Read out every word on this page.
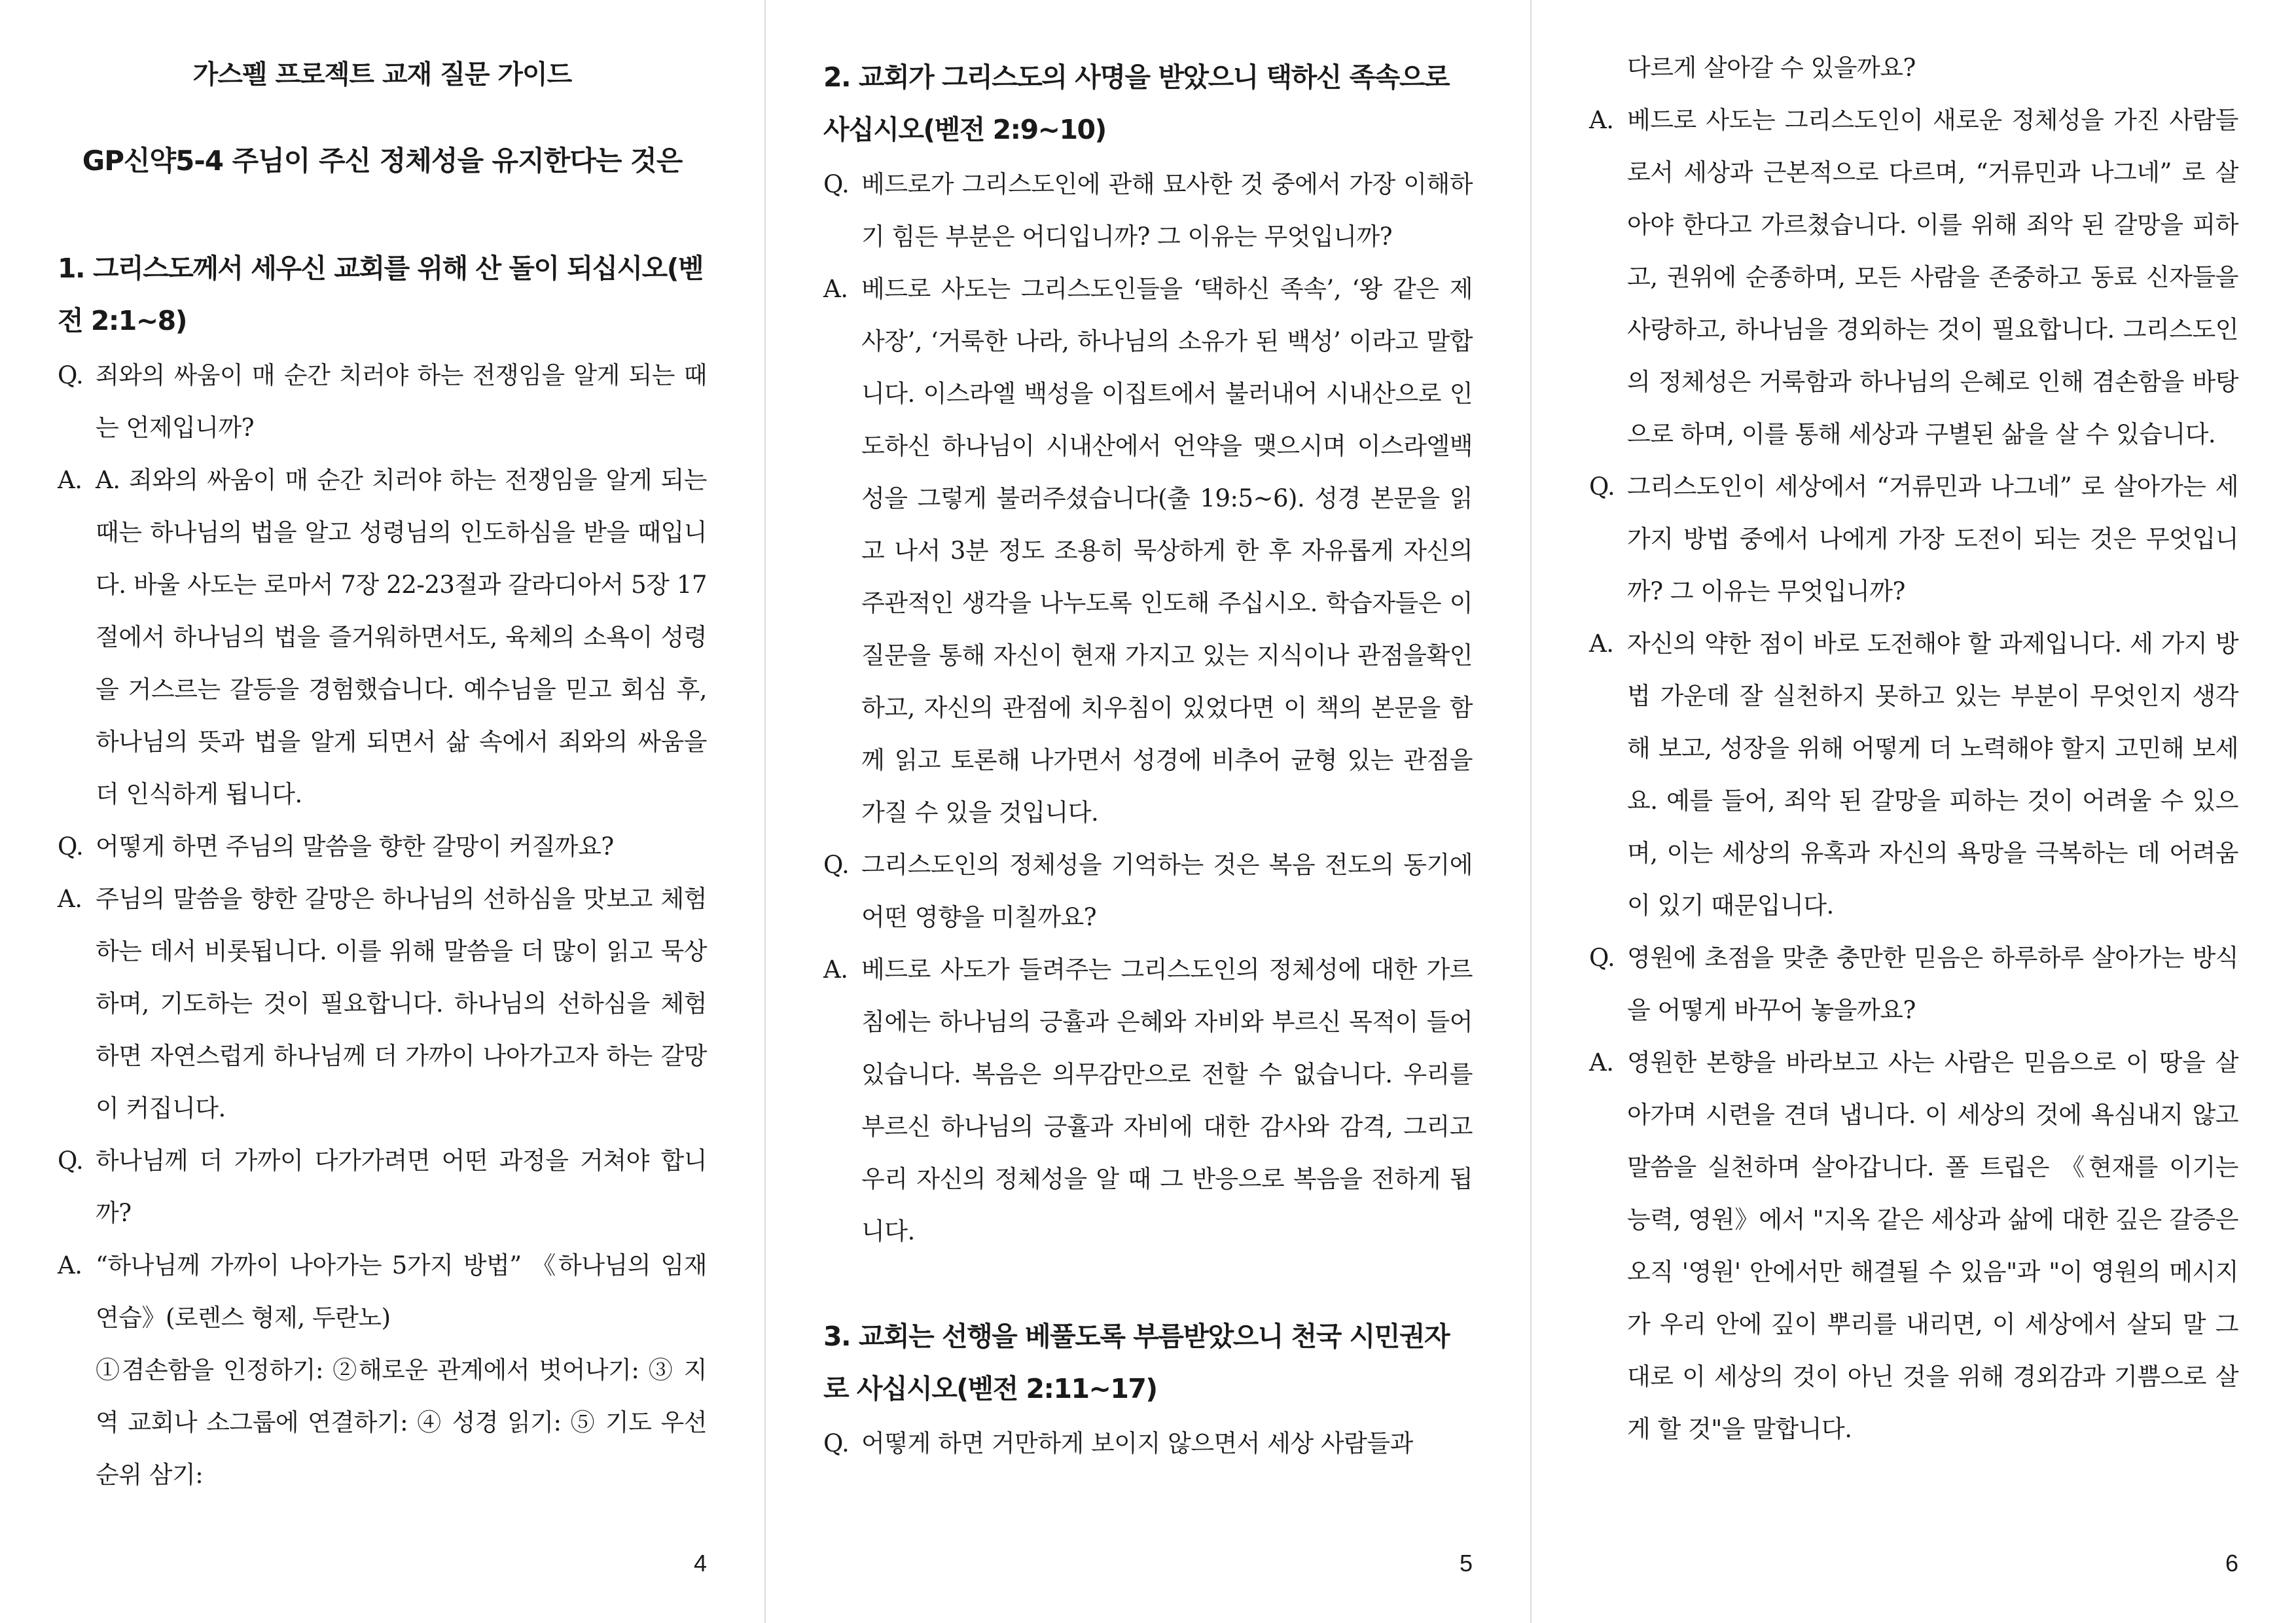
가스펠 프로젝트 교재 질문 가이드
GP신약5-4 주님이 주신 정체성을 유지한다는 것은
1. 그리스도께서 세우신 교회를 위해 산 돌이 되십시오(벧전 2:1~8)
Q. 죄와의 싸움이 매 순간 치러야 하는 전쟁임을 알게 되는 때는 언제입니까?
A. A. 죄와의 싸움이 매 순간 치러야 하는 전쟁임을 알게 되는 때는 하나님의 법을 알고 성령님의 인도하심을 받을 때입니다. 바울 사도는 로마서 7장 22-23절과 갈라디아서 5장 17절에서 하나님의 법을 즐거워하면서도, 육체의 소욕이 성령을 거스르는 갈등을 경험했습니다. 예수님을 믿고 회심 후, 하나님의 뜻과 법을 알게 되면서 삶 속에서 죄와의 싸움을 더 인식하게 됩니다.
Q. 어떻게 하면 주님의 말씀을 향한 갈망이 커질까요?
A. 주님의 말씀을 향한 갈망은 하나님의 선하심을 맛보고 체험하는 데서 비롯됩니다. 이를 위해 말씀을 더 많이 읽고 묵상하며, 기도하는 것이 필요합니다. 하나님의 선하심을 체험하면 자연스럽게 하나님께 더 가까이 나아가고자 하는 갈망이 커집니다.
Q. 하나님께 더 가까이 다가가려면 어떤 과정을 거쳐야 합니까?
A. “하나님께 가까이 나아가는 5가지 방법” 《하나님의 임재 연습》(로렌스 형제, 두란노)
①겸손함을 인정하기: ②해로운 관계에서 벗어나기: ③ 지역 교회나 소그룹에 연결하기: ④ 성경 읽기: ⑤ 기도 우선순위 삼기:
4
2. 교회가 그리스도의 사명을 받았으니 택하신 족속으로 사십시오(벧전 2:9~10)
Q. 베드로가 그리스도인에 관해 묘사한 것 중에서 가장 이해하기 힘든 부분은 어디입니까? 그 이유는 무엇입니까?
A. 베드로 사도는 그리스도인들을 ‘택하신 족속’, ‘왕 같은 제사장’, ‘거룩한 나라, 하나님의 소유가 된 백성’ 이라고 말합니다. 이스라엘 백성을 이집트에서 불러내어 시내산으로 인도하신 하나님이 시내산에서 언약을 맺으시며 이스라엘백성을 그렇게 불러주셨습니다(출 19:5~6). 성경 본문을 읽고 나서 3분 정도 조용히 묵상하게 한 후 자유롭게 자신의주관적인 생각을 나누도록 인도해 주십시오. 학습자들은 이 질문을 통해 자신이 현재 가지고 있는 지식이나 관점을확인하고, 자신의 관점에 치우침이 있었다면 이 책의 본문을 함께 읽고 토론해 나가면서 성경에 비추어 균형 있는 관점을 가질 수 있을 것입니다.
Q. 그리스도인의 정체성을 기억하는 것은 복음 전도의 동기에 어떤 영향을 미칠까요?
A. 베드로 사도가 들려주는 그리스도인의 정체성에 대한 가르침에는 하나님의 긍휼과 은혜와 자비와 부르신 목적이 들어 있습니다. 복음은 의무감만으로 전할 수 없습니다. 우리를 부르신 하나님의 긍휼과 자비에 대한 감사와 감격, 그리고 우리 자신의 정체성을 알 때 그 반응으로 복음을 전하게 됩니다.
3. 교회는 선행을 베풀도록 부름받았으니 천국 시민권자로 사십시오(벧전 2:11~17)
Q. 어떻게 하면 거만하게 보이지 않으면서 세상 사람들과
5
다르게 살아갈 수 있을까요?
A. 베드로 사도는 그리스도인이 새로운 정체성을 가진 사람들로서 세상과 근본적으로 다르며, “거류민과 나그네” 로 살아야 한다고 가르쳤습니다. 이를 위해 죄악 된 갈망을 피하고, 권위에 순종하며, 모든 사람을 존중하고 동료 신자들을 사랑하고, 하나님을 경외하는 것이 필요합니다. 그리스도인의 정체성은 거룩함과 하나님의 은혜로 인해 겸손함을 바탕으로 하며, 이를 통해 세상과 구별된 삶을 살 수 있습니다.
Q. 그리스도인이 세상에서 “거류민과 나그네” 로 살아가는 세 가지 방법 중에서 나에게 가장 도전이 되는 것은 무엇입니까? 그 이유는 무엇입니까?
A. 자신의 약한 점이 바로 도전해야 할 과제입니다. 세 가지 방법 가운데 잘 실천하지 못하고 있는 부분이 무엇인지 생각해 보고, 성장을 위해 어떻게 더 노력해야 할지 고민해 보세요. 예를 들어, 죄악 된 갈망을 피하는 것이 어려울 수 있으며, 이는 세상의 유혹과 자신의 욕망을 극복하는 데 어려움이 있기 때문입니다.
Q. 영원에 초점을 맞춘 충만한 믿음은 하루하루 살아가는 방식을 어떻게 바꾸어 놓을까요?
A. 영원한 본향을 바라보고 사는 사람은 믿음으로 이 땅을 살아가며 시련을 견뎌 냅니다. 이 세상의 것에 욕심내지 않고 말씀을 실천하며 살아갑니다. 폴 트립은 《현재를 이기는 능력, 영원》에서 "지옥 같은 세상과 삶에 대한 깊은 갈증은 오직 '영원' 안에서만 해결될 수 있음"과 "이 영원의 메시지가 우리 안에 깊이 뿌리를 내리면, 이 세상에서 살되 말 그대로 이 세상의 것이 아닌 것을 위해 경외감과 기쁨으로 살게 할 것"을 말합니다.
6
